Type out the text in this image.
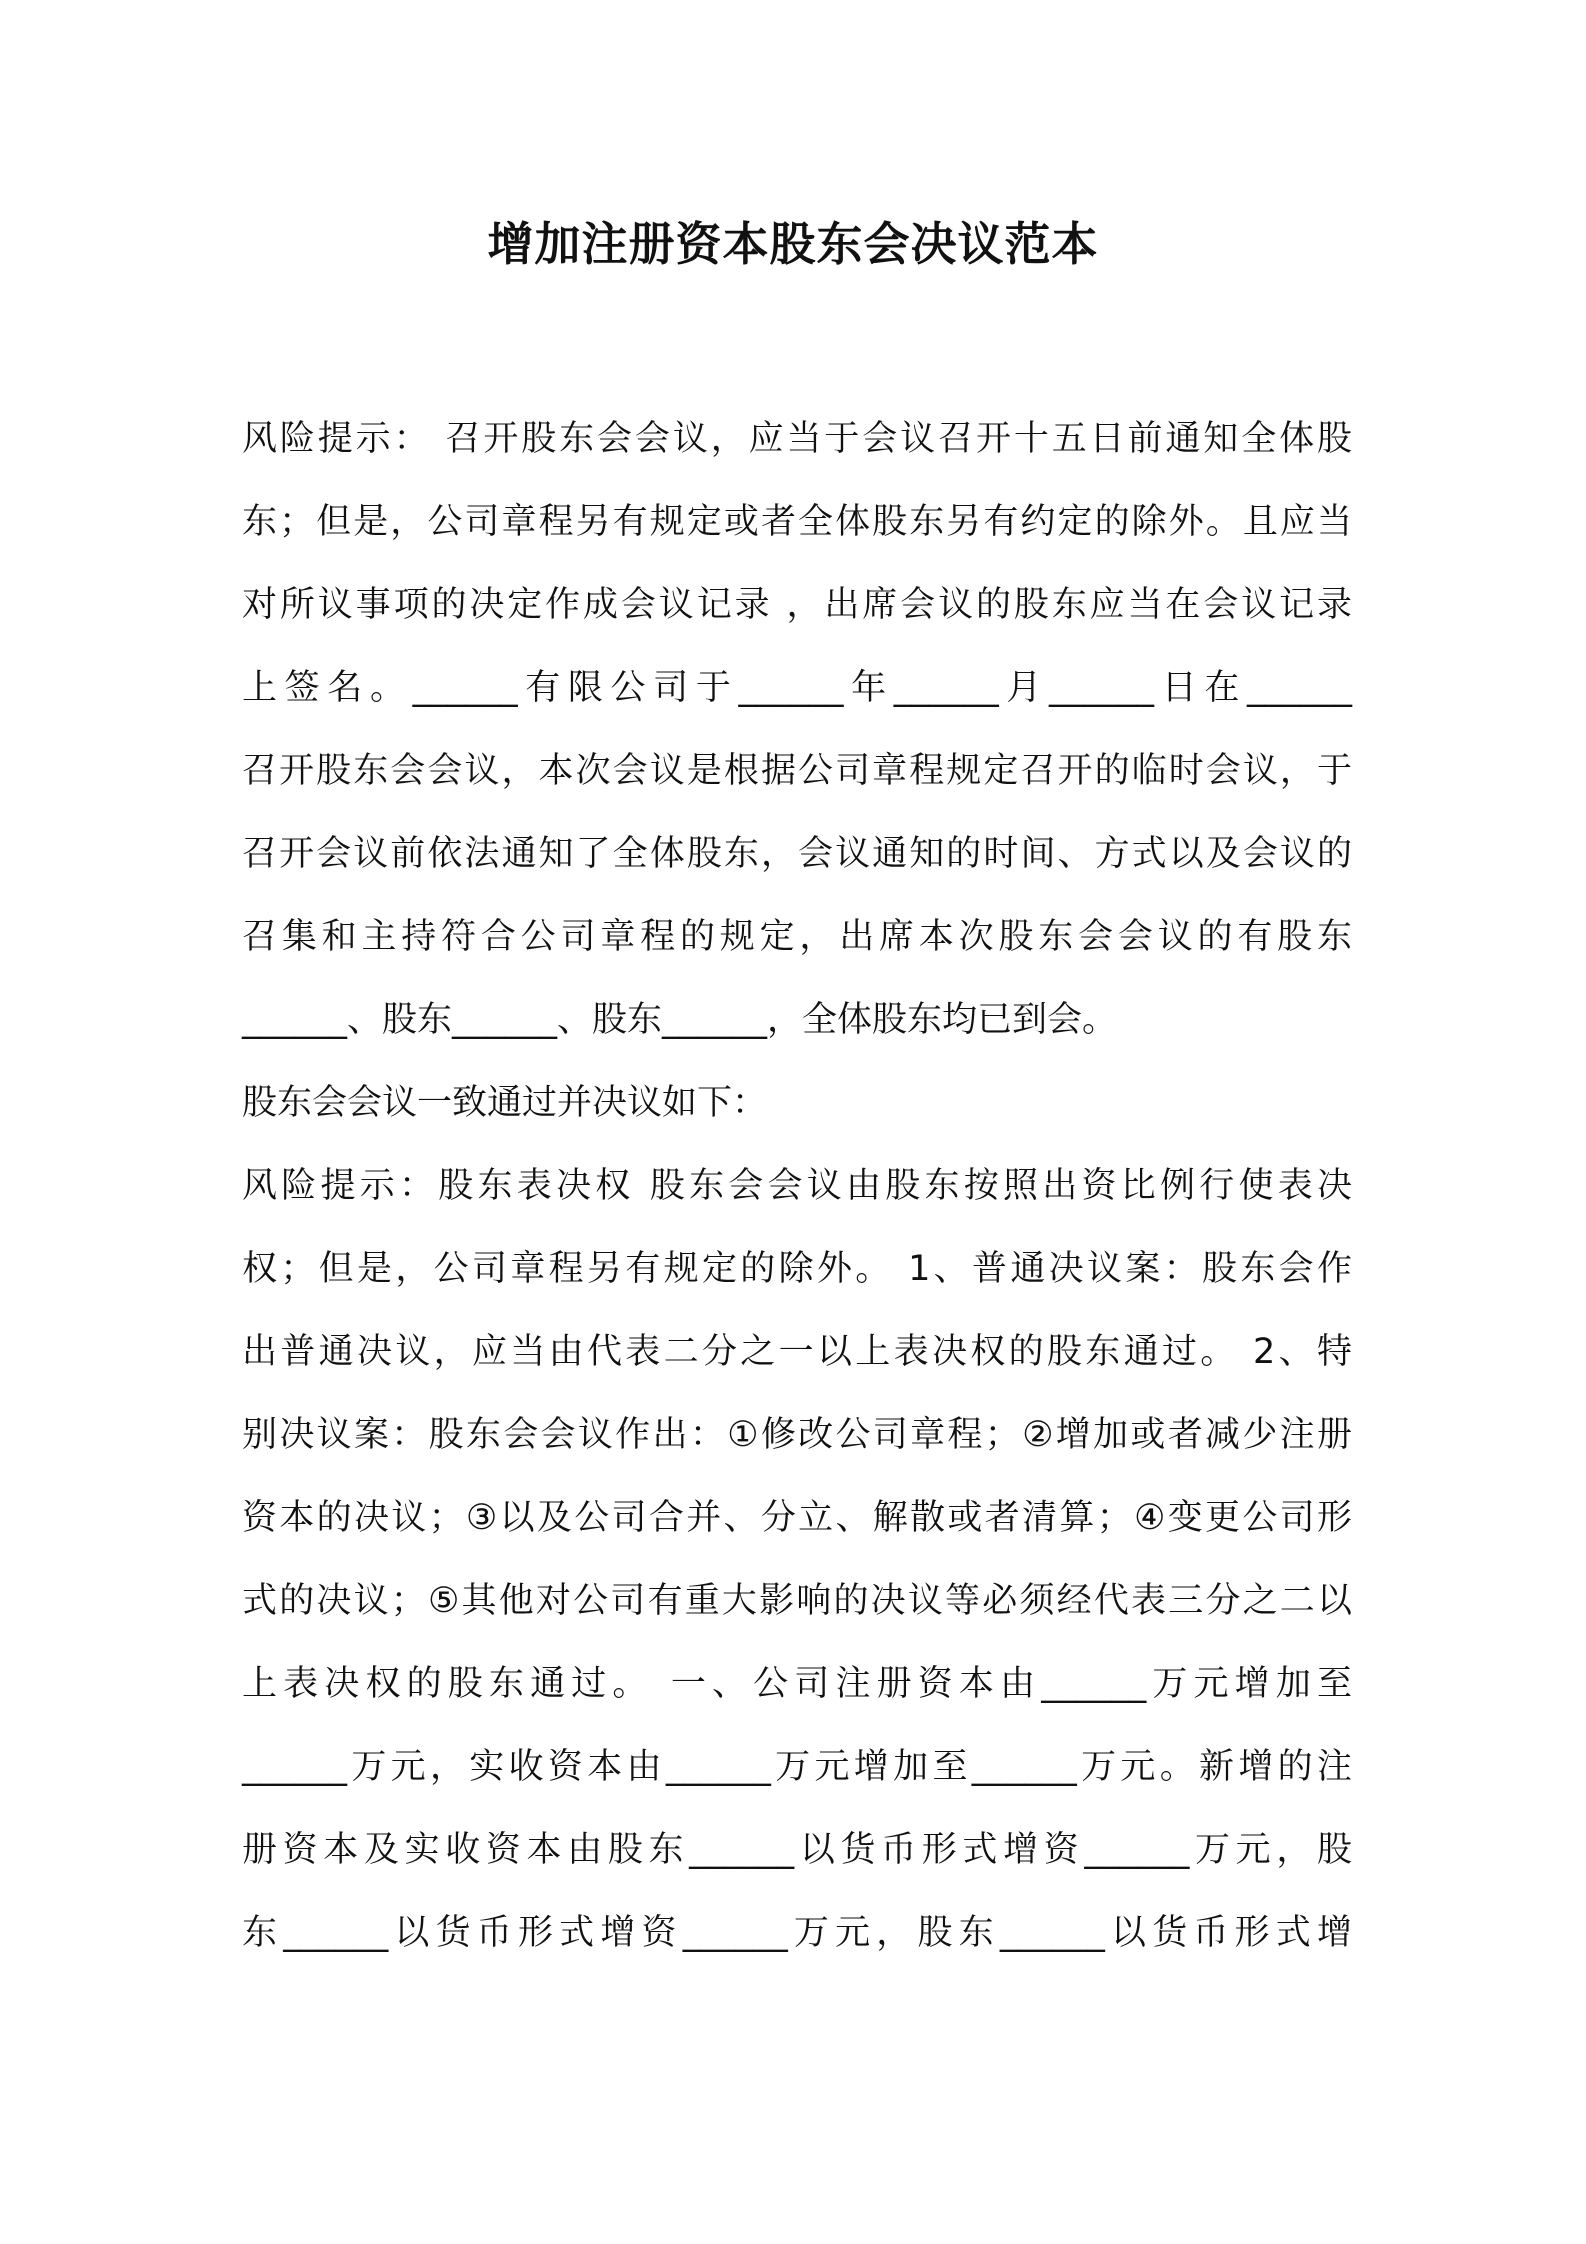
增加注册资本股东会决议范本
风险提示： 召开股东会会议，应当于会议召开十五日前通知全体股
东；但是，公司章程另有规定或者全体股东另有约定的除外。且应当
对所议事项的决定作成会议记录 ，出席会议的股东应当在会议记录
上签名。______有限公司于______年______月______日在______
召开股东会会议，本次会议是根据公司章程规定召开的临时会议，于
召开会议前依法通知了全体股东，会议通知的时间、方式以及会议的
召集和主持符合公司章程的规定，出席本次股东会会议的有股东
______、股东______、股东______，全体股东均已到会。
股东会会议一致通过并决议如下：
风险提示：股东表决权 股东会会议由股东按照出资比例行使表决
权；但是，公司章程另有规定的除外。 1、普通决议案：股东会作
出普通决议，应当由代表二分之一以上表决权的股东通过。 2、特
别决议案：股东会会议作出：①修改公司章程；②增加或者减少注册
资本的决议；③以及公司合并、分立、解散或者清算；④变更公司形
式的决议；⑤其他对公司有重大影响的决议等必须经代表三分之二以
上表决权的股东通过。 一、公司注册资本由______万元增加至
______万元，实收资本由______万元增加至______万元。新增的注
册资本及实收资本由股东______以货币形式增资______万元，股
东______以货币形式增资______万元，股东______以货币形式增
